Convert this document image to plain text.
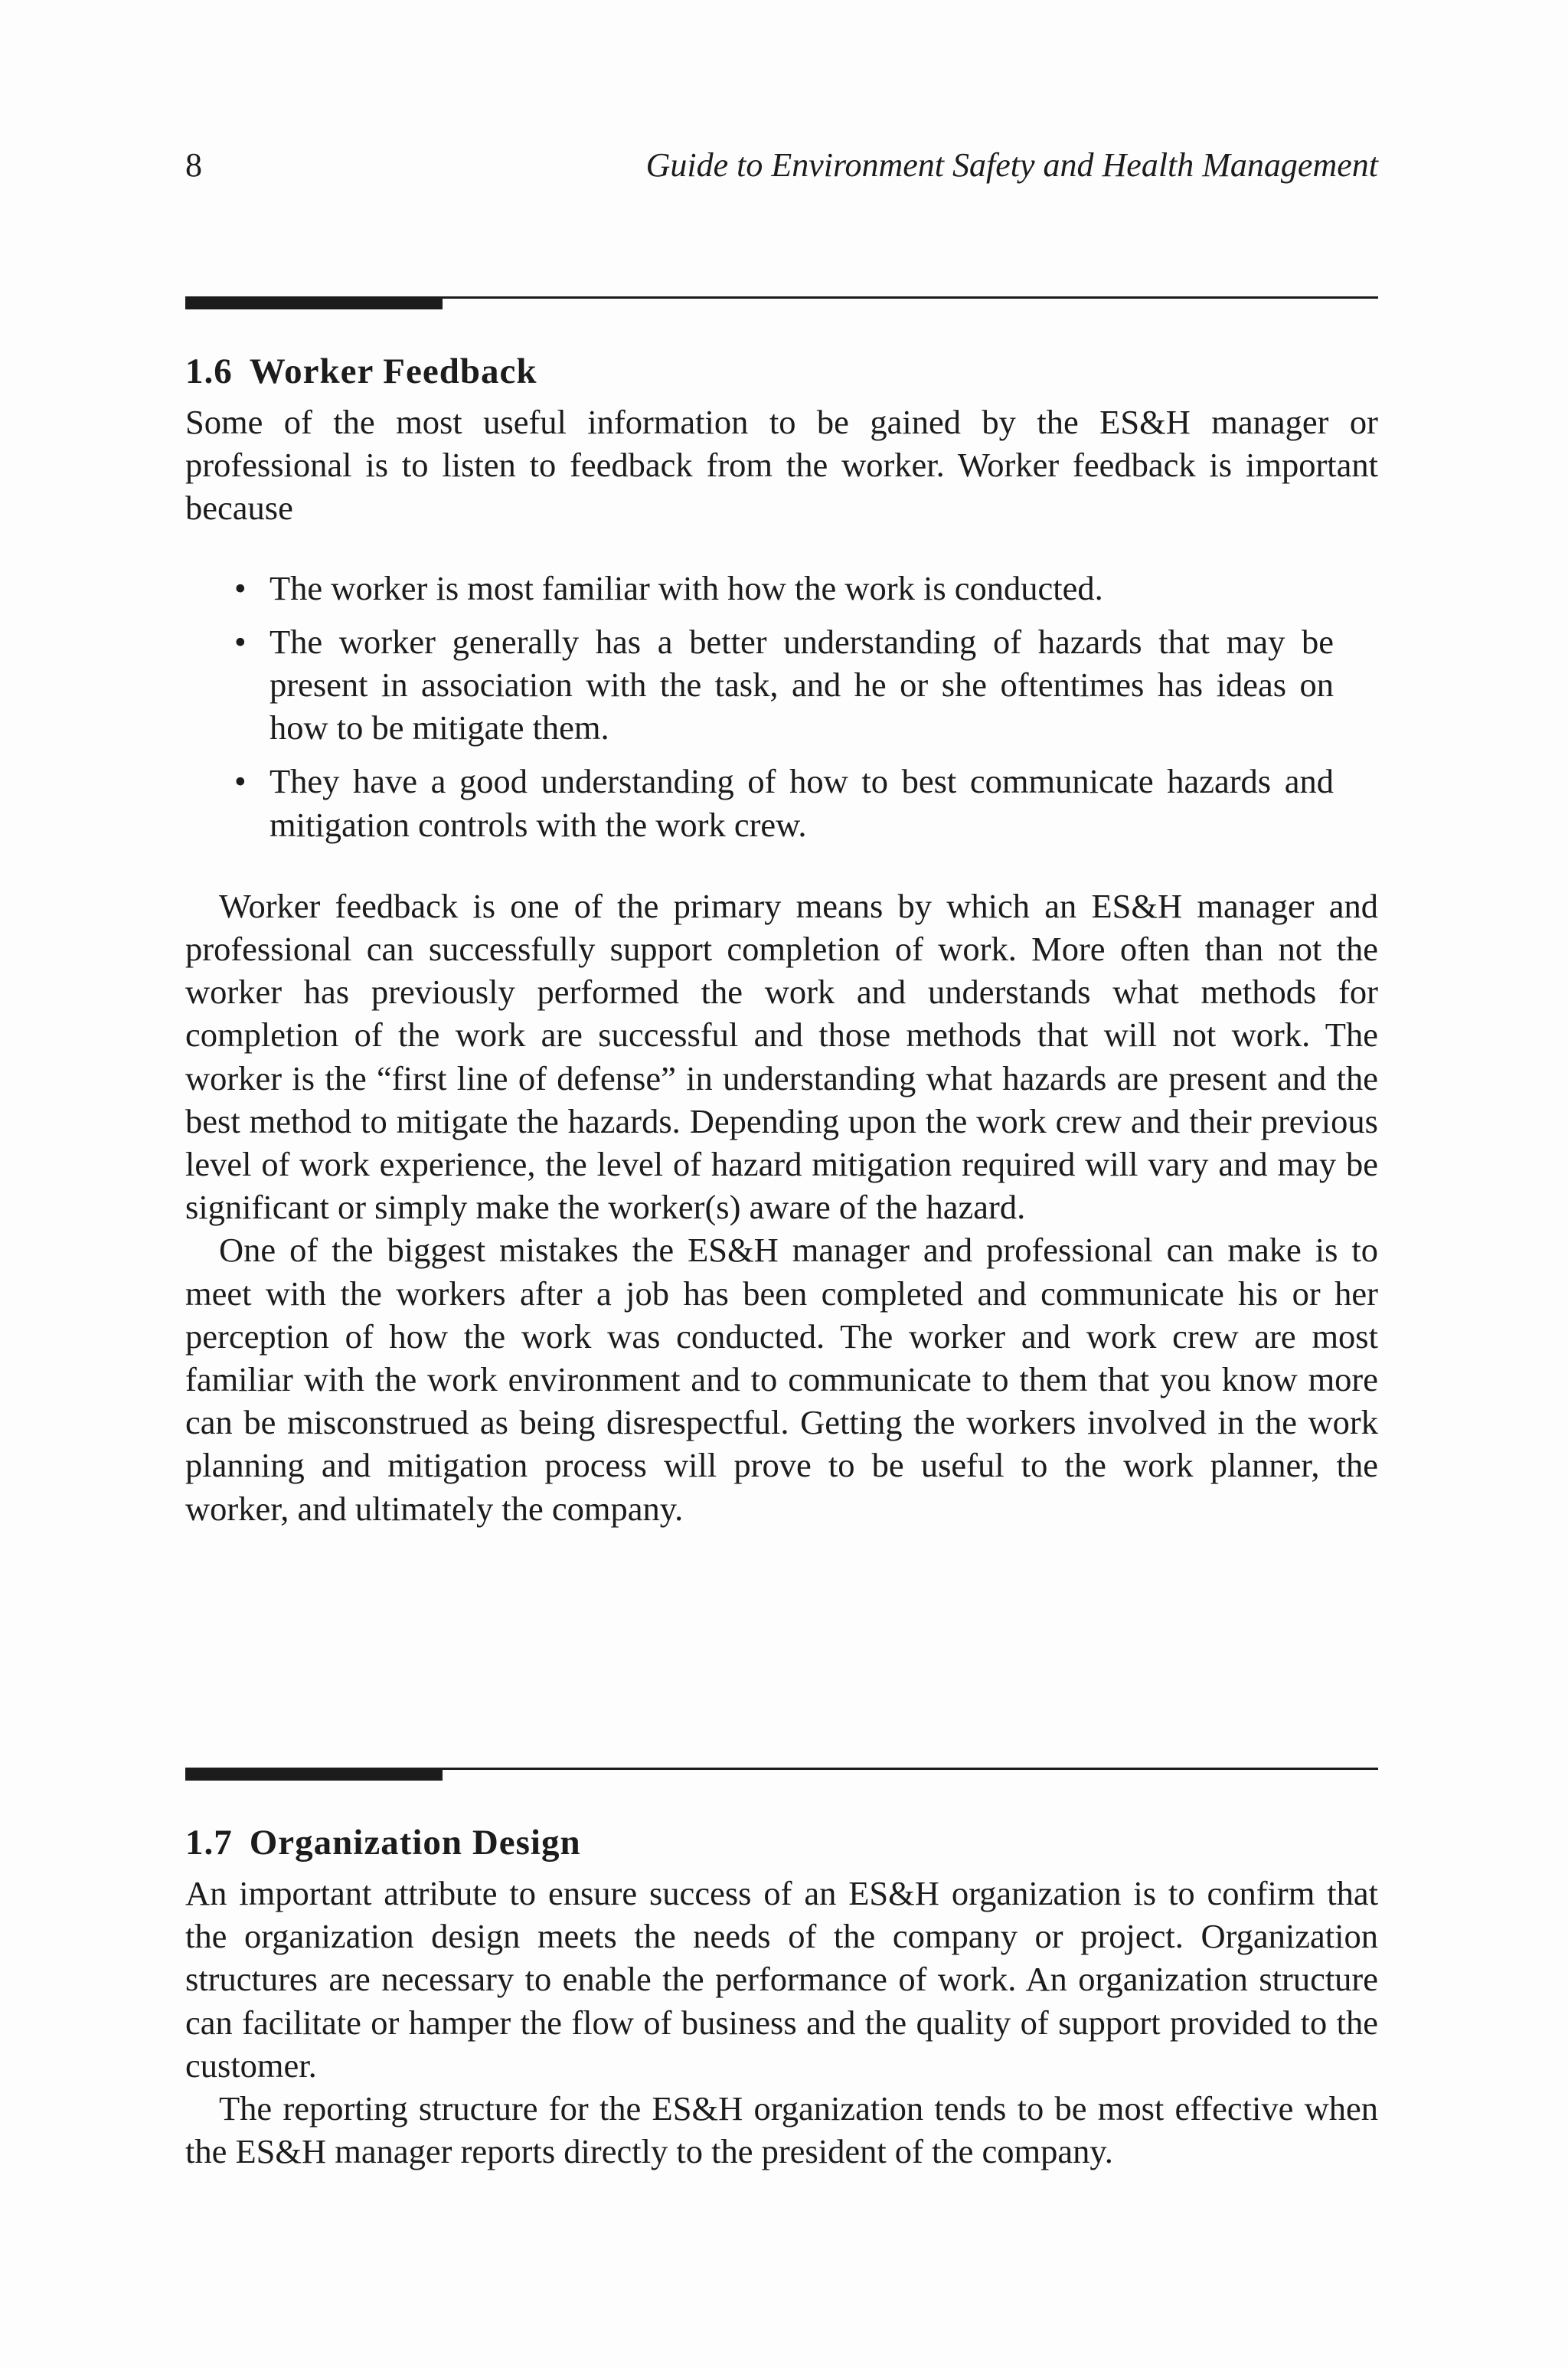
8	Guide to Environment Safety and Health Management
1.6 Worker Feedback

Some of the most useful information to be gained by the ES&H manager or professional is to listen to feedback from the worker. Worker feedback is important because

• The worker is most familiar with how the work is conducted.
• The worker generally has a better understanding of hazards that may be present in association with the task, and he or she oftentimes has ideas on how to be mitigate them.
• They have a good understanding of how to best communicate hazards and mitigation controls with the work crew.

Worker feedback is one of the primary means by which an ES&H manager and professional can successfully support completion of work. More often than not the worker has previously performed the work and understands what methods for completion of the work are successful and those methods that will not work. The worker is the “first line of defense” in understanding what hazards are present and the best method to mitigate the hazards. Depending upon the work crew and their previous level of work experience, the level of hazard mitigation required will vary and may be significant or simply make the worker(s) aware of the hazard.

One of the biggest mistakes the ES&H manager and professional can make is to meet with the workers after a job has been completed and communicate his or her perception of how the work was conducted. The worker and work crew are most familiar with the work environment and to communicate to them that you know more can be misconstrued as being disrespectful. Getting the workers involved in the work planning and mitigation process will prove to be useful to the work planner, the worker, and ultimately the company.

1.7 Organization Design

An important attribute to ensure success of an ES&H organization is to confirm that the organization design meets the needs of the company or project. Organization structures are necessary to enable the performance of work. An organization structure can facilitate or hamper the flow of business and the quality of support provided to the customer.

The reporting structure for the ES&H organization tends to be most effective when the ES&H manager reports directly to the president of the company.
